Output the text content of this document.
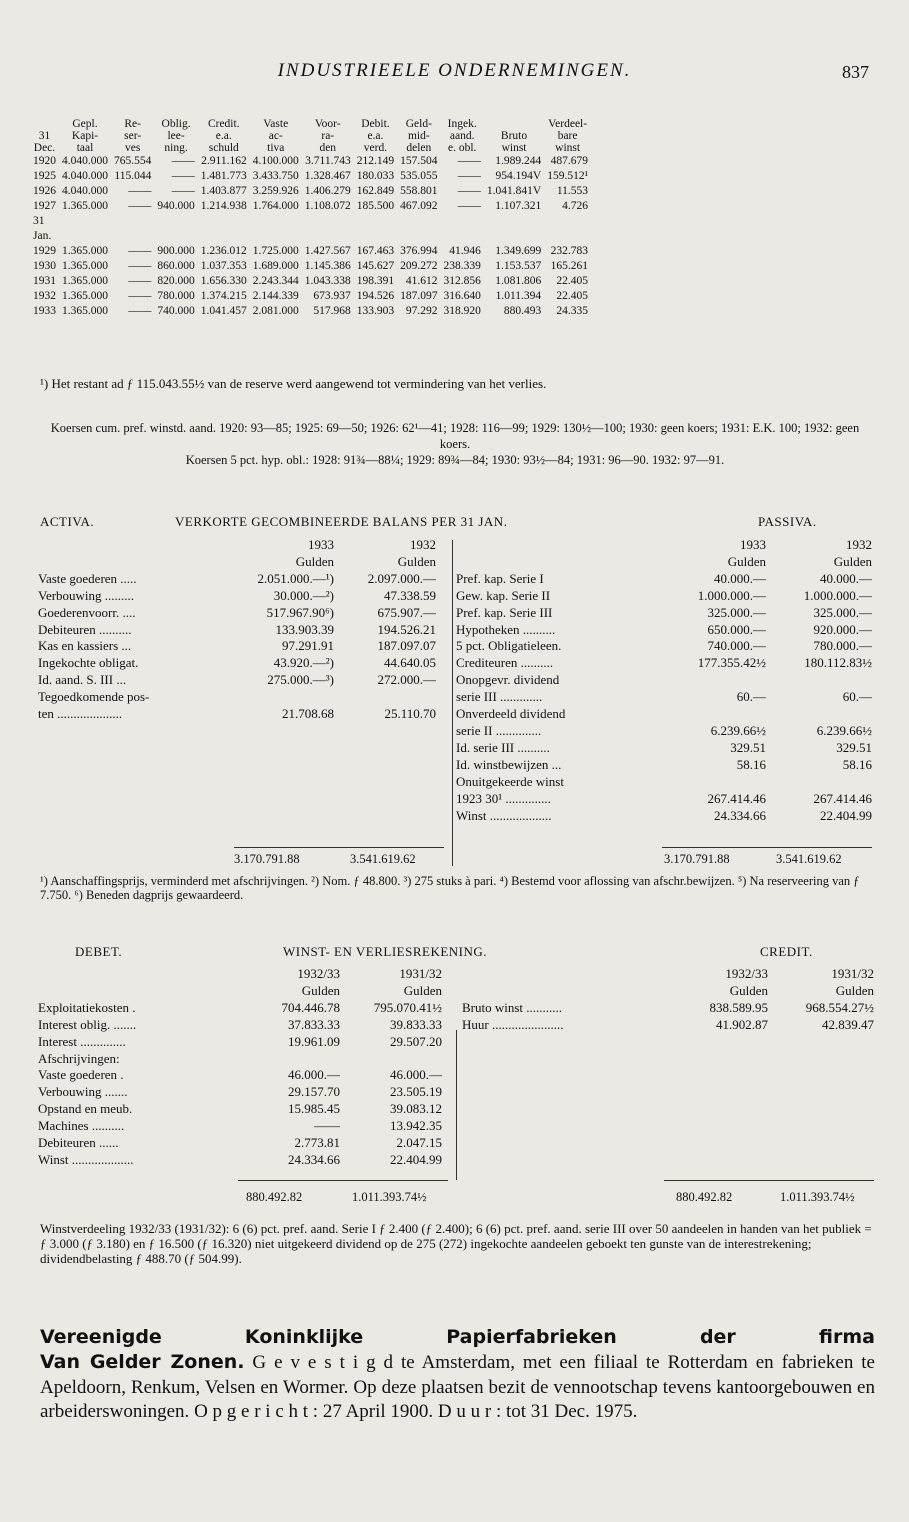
INDUSTRIEELE ONDERNEMINGEN.	837
	Gepl.	Re-	Oblig.	Credit.	Vaste	Voor-	Debit.	Geld-	Ingek.		Verdeel-
31	Kapi-	ser-	lee-	e.a.	ac-	ra-	e.a.	mid-	aand.	Bruto	bare
Dec.	taal	ves	ning.	schuld	tiva	den	verd.	delen	e. obl.	winst	winst
1920	4.040.000	765.554	——	2.911.162	4.100.000	3.711.743	212.149	157.504	——	1.989.244	487.679
1925	4.040.000	115.044	——	1.481.773	3.433.750	1.328.467	180.033	535.055	——	954.194V	159.512¹
1926	4.040.000	——	——	1.403.877	3.259.926	1.406.279	162.849	558.801	——	1.041.841V	11.553
1927	1.365.000	——	940.000	1.214.938	1.764.000	1.108.072	185.500	467.092	——	1.107.321	4.726
31											
Jan.											
1929	1.365.000	——	900.000	1.236.012	1.725.000	1.427.567	167.463	376.994	41.946	1.349.699	232.783
1930	1.365.000	——	860.000	1.037.353	1.689.000	1.145.386	145.627	209.272	238.339	1.153.537	165.261
1931	1.365.000	——	820.000	1.656.330	2.243.344	1.043.338	198.391	41.612	312.856	1.081.806	22.405
1932	1.365.000	——	780.000	1.374.215	2.144.339	673.937	194.526	187.097	316.640	1.011.394	22.405
1933	1.365.000	——	740.000	1.041.457	2.081.000	517.968	133.903	97.292	318.920	880.493	24.335
¹) Het restant ad ƒ 115.043.55½ van de reserve werd aangewend tot vermindering van het verlies.
Koersen cum. pref. winstd. aand. 1920: 93—85; 1925: 69—50; 1926: 62¹—41; 1928: 116—99; 1929: 130½—100; 1930: geen koers; 1931: E.K. 100; 1932: geen koers.
Koersen 5 pct. hyp. obl.: 1928: 91¾—88¼; 1929: 89¾—84; 1930: 93½—84; 1931: 96—90. 1932: 97—91.
ACTIVA.	VERKORTE GECOMBINEERDE BALANS PER 31 JAN.	PASSIVA.
	1933	1932
	Gulden	Gulden
Vaste goederen .....	2.051.000.—¹)	2.097.000.—
Verbouwing .........	30.000.—²)	47.338.59
Goederenvoorr. ....	517.967.90⁶)	675.907.—
Debiteuren ..........	133.903.39	194.526.21
Kas en kassiers ...	97.291.91	187.097.07
Ingekochte obligat.	43.920.—²)	44.640.05
Id. aand. S. III ...	275.000.—³)	272.000.—
Tegoedkomende pos-		
ten ....................	21.708.68	25.110.70
	1933	1932
	Gulden	Gulden
Pref. kap. Serie I	40.000.—	40.000.—
Gew. kap. Serie II	1.000.000.—	1.000.000.—
Pref. kap. Serie III	325.000.—	325.000.—
Hypotheken ..........	650.000.—	920.000.—
5 pct. Obligatieleen.	740.000.—	780.000.—
Crediteuren ..........	177.355.42½	180.112.83½
Onopgevr. dividend		
serie III .............	60.—	60.—
Onverdeeld dividend		
serie II ..............	6.239.66½	6.239.66½
Id. serie III ..........	329.51	329.51
Id. winstbewijzen ...	58.16	58.16
Onuitgekeerde winst		
1923 30¹ ..............	267.414.46	267.414.46
Winst ...................	24.334.66	22.404.99
3.170.791.88	3.541.619.62	3.170.791.88	3.541.619.62
¹) Aanschaffingsprijs, verminderd met afschrijvingen. ²) Nom. ƒ 48.800. ³) 275 stuks à pari. ⁴) Bestemd voor aflossing van afschr.bewijzen. ⁵) Na reserveering van ƒ 7.750. ⁶) Beneden dagprijs gewaardeerd.
DEBET.	WINST- EN VERLIESREKENING.	CREDIT.
	1932/33	1931/32
	Gulden	Gulden
Exploitatiekosten .	704.446.78	795.070.41½
Interest oblig. .......	37.833.33	39.833.33
Interest ..............	19.961.09	29.507.20
Afschrijvingen:		
Vaste goederen .	46.000.—	46.000.—
Verbouwing .......	29.157.70	23.505.19
Opstand en meub.	15.985.45	39.083.12
Machines ..........	——	13.942.35
Debiteuren ......	2.773.81	2.047.15
Winst ...................	24.334.66	22.404.99
	1932/33	1931/32
	Gulden	Gulden
Bruto winst ...........	838.589.95	968.554.27½
Huur ......................	41.902.87	42.839.47
880.492.82	1.011.393.74½	880.492.82	1.011.393.74½
Winstverdeeling 1932/33 (1931/32): 6 (6) pct. pref. aand. Serie I ƒ 2.400 (ƒ 2.400); 6 (6) pct. pref. aand. serie III over 50 aandeelen in handen van het publiek = ƒ 3.000 (ƒ 3.180) en ƒ 16.500 (ƒ 16.320) niet uitgekeerd dividend op de 275 (272) ingekochte aandeelen geboekt ten gunste van de interestrekening; dividendbelasting ƒ 488.70 (ƒ 504.99).
Vereenigde Koninklijke Papierfabrieken der firma
Van Gelder Zonen. G e v e s t i g d te Amsterdam, met een filiaal te Rotterdam en fabrieken te Apeldoorn, Renkum, Velsen en Wormer. Op deze plaatsen bezit de vennootschap tevens kantoorgebouwen en arbeiderswoningen. O p g e r i c h t : 27 April 1900. D u u r : tot 31 Dec. 1975.
